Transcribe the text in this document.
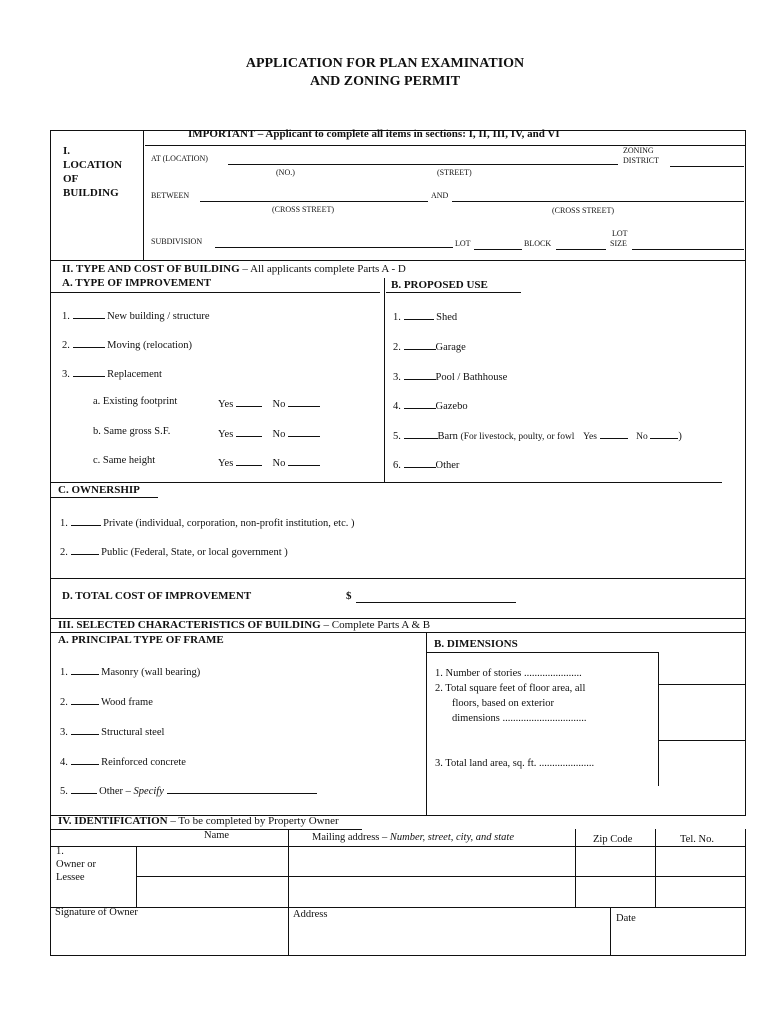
APPLICATION FOR PLAN EXAMINATION
AND ZONING PERMIT
IMPORTANT – Applicant to complete all items in sections: I, II, III, IV, and VI
I.
LOCATION
OF
BUILDING
AT (LOCATION)
(NO.)	(STREET)
ZONING
DISTRICT
BETWEEN	AND
(CROSS STREET)	(CROSS STREET)
SUBDIVISION	LOT	BLOCK
LOT
SIZE
II. TYPE AND COST OF BUILDING – All applicants complete Parts A - D
A. TYPE OF IMPROVEMENT	B. PROPOSED USE
1.	New building / structure
2.	Moving (relocation)
3.	Replacement
a. Existing footprint	Yes	No
b. Same gross S.F.	Yes	No
c. Same height	Yes	No
1.	Shed
2.	Garage
3.	Pool / Bathhouse
4.	Gazebo
5.	Barn (For livestock, poulty, or fowl Yes	No	)
6.	Other
C. OWNERSHIP
1.	Private (individual, corporation, non-profit institution, etc. )
2.	Public (Federal, State, or local government )
D. TOTAL COST OF IMPROVEMENT	$
III. SELECTED CHARACTERISTICS OF BUILDING – Complete Parts A & B
A. PRINCIPAL TYPE OF FRAME	B. DIMENSIONS
1.	Masonry (wall bearing)
2.	Wood frame
3.	Structural steel
4.	Reinforced concrete
5.	Other – Specify
1. Number of stories ......................
2. Total square feet of floor area, all
floors, based on exterior
dimensions ................................
3. Total land area, sq. ft. .....................
IV. IDENTIFICATION – To be completed by Property Owner
Name	Mailing address – Number, street, city, and state	Zip Code	Tel. No.
1.
Owner or
Lessee
Signature of Owner	Address	Date
